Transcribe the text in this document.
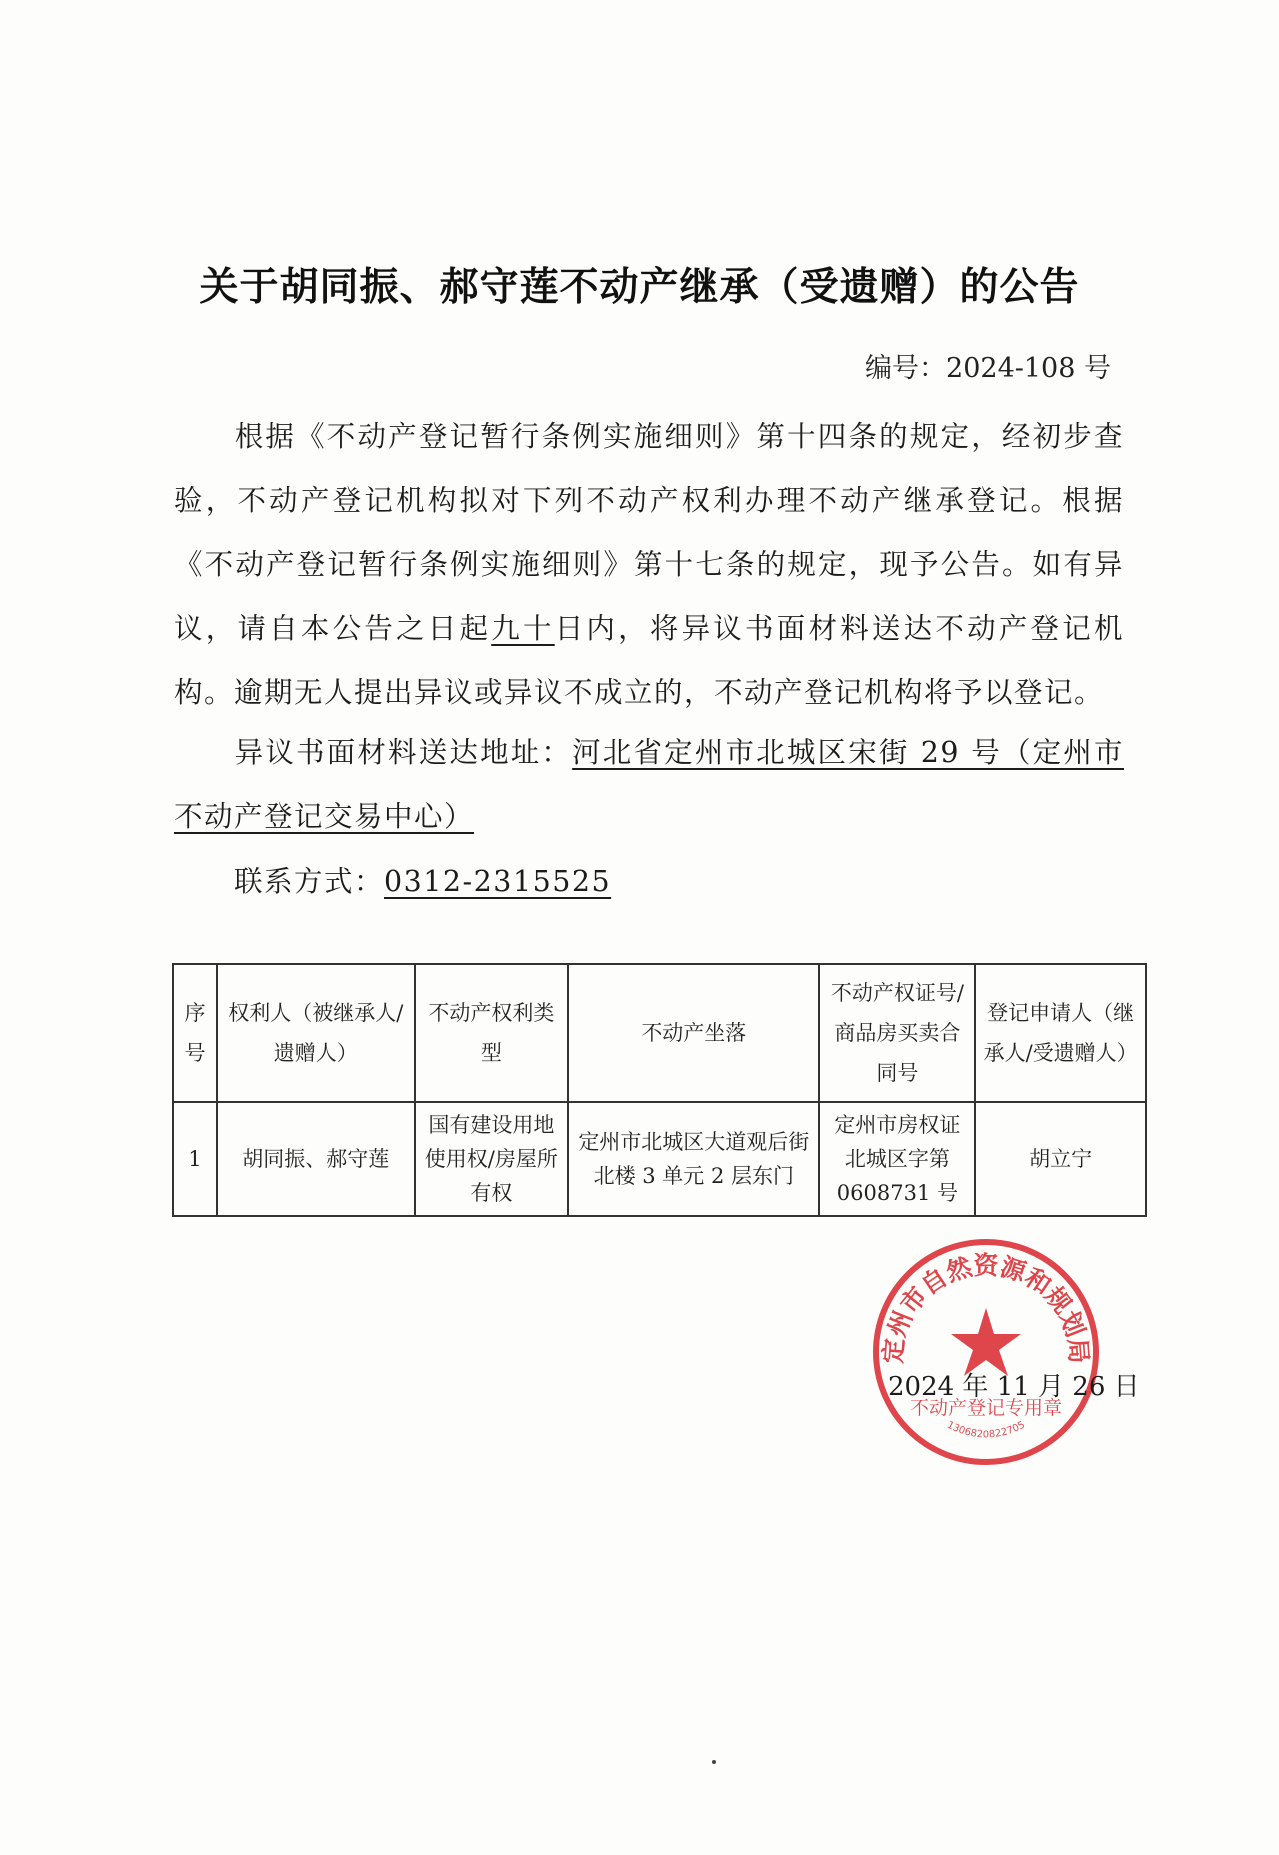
关于胡同振、郝守莲不动产继承（受遗赠）的公告
编号：2024-108 号
根据《不动产登记暂行条例实施细则》第十四条的规定，经初步查验，不动产登记机构拟对下列不动产权利办理不动产继承登记。根据《不动产登记暂行条例实施细则》第十七条的规定，现予公告。如有异议，请自本公告之日起九十日内，将异议书面材料送达不动产登记机构。逾期无人提出异议或异议不成立的，不动产登记机构将予以登记。
异议书面材料送达地址：河北省定州市北城区宋街 29 号（定州市不动产登记交易中心）
联系方式：0312-2315525
序号	权利人（被继承人/遗赠人）	不动产权利类型	不动产坐落	不动产权证号/商品房买卖合同号	登记申请人（继承人/受遗赠人）
1	胡同振、郝守莲	国有建设用地使用权/房屋所有权	定州市北城区大道观后街北楼 3 单元 2 层东门	定州市房权证北城区字第 0608731 号	胡立宁
定州市自然资源和规划局
不动产登记专用章
1306820822705
2024 年 11 月 26 日
